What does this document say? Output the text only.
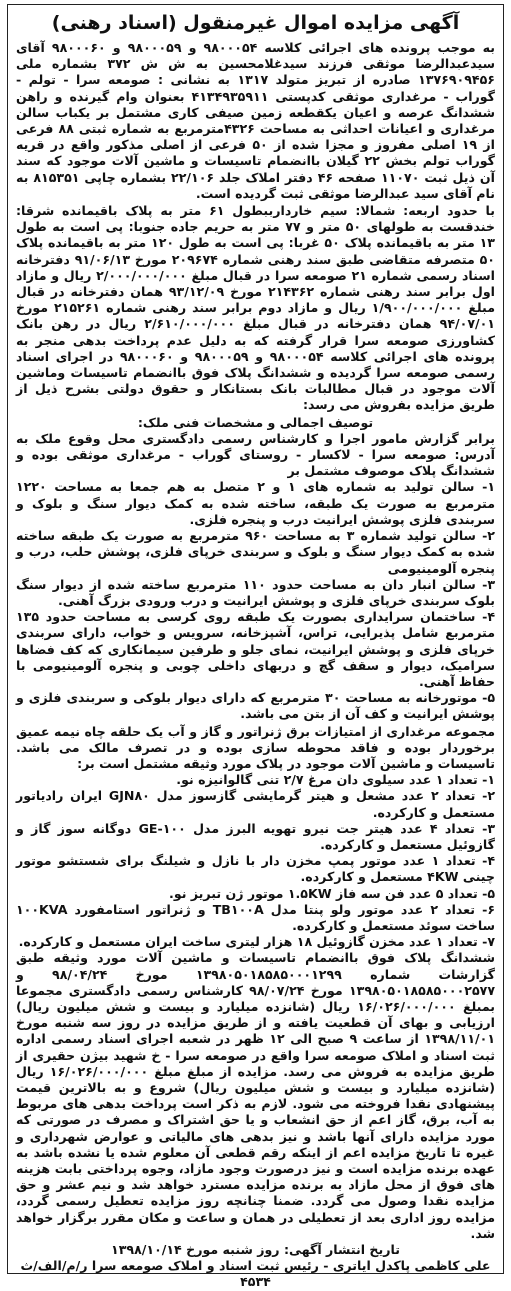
آگهی مزایده اموال غیرمنقول (اسناد رهنی)

به موجب پرونده های اجرائی کلاسه ۹۸۰۰۰۵۴ و ۹۸۰۰۰۵۹ و ۹۸۰۰۰۶۰ آقای سیدعبدالرضا موثقی فرزند سیدغلامحسین به ش ش ۳۷۲ بشماره ملی ۱۳۷۶۹۰۹۴۵۶ صادره از تبریز متولد ۱۳۱۷ به نشانی : صومعه سرا - تولم - گوراب - مرغداری موثقی کدپستی ۴۱۳۴۹۳۵۹۱۱ بعنوان وام گیرنده و راهن ششدانگ عرصه و اعیان یکقطعه زمین صیفی کاری مشتمل بر یکباب سالن مرغداری و اعیانات احداثی به مساحت ۴۳۲۶مترمربع به شماره ثبتی ۸۸ فرعی از ۱۹ اصلی مفروز و مجزا شده از ۵۰ فرعی از اصلی مذکور واقع در قریه گوراب تولم بخش ۲۲ گیلان باانضمام تاسیسات و ماشین آلات موجود که سند آن ذیل ثبت ۱۱۰۷۰ صفحه ۴۶ دفتر املاک جلد ۲۲/۱۰۶ بشماره چاپی ۸۱۵۳۵۱ به نام آقای سید عبدالرضا موثقی ثبت گردیده است.

با حدود اربعه: شمالا: سیم خاردارببطول ۶۱ متر به پلاک باقیمانده شرقا: خندقست به طولهای ۵۰ متر و ۷۷ متر به حریم جاده جنوبا: پی است به طول ۱۳ متر به باقیمانده پلاک ۵۰ غربا: پی است به طول ۱۲۰ متر به باقیمانده پلاک ۵۰ متصرفه متقاضی طبق سند رهنی شماره ۲۰۹۶۷۴ مورخ ۹۱/۰۶/۱۳ دفترخانه اسناد رسمی شماره ۲۱ صومعه سرا در قبال مبلغ ۲/۰۰۰/۰۰۰/۰۰۰ ریال و مازاد اول برابر سند رهنی شماره ۲۱۴۳۶۲ مورخ ۹۳/۱۲/۰۹ همان دفترخانه در قبال مبلغ ۱/۹۰۰/۰۰۰/۰۰۰ ریال و مازاد دوم برابر سند رهنی شماره ۲۱۵۲۶۱ مورخ ۹۴/۰۷/۰۱ همان دفترخانه در قبال مبلغ ۲/۶۱۰/۰۰۰/۰۰۰ ریال در رهن بانک کشاورزی صومعه سرا قرار گرفته که به دلیل عدم پرداخت بدهی منجر به پرونده های اجرائی کلاسه ۹۸۰۰۰۵۴ و ۹۸۰۰۰۵۹ و ۹۸۰۰۰۶۰ در اجرای اسناد رسمی صومعه سرا گردیده و ششدانگ پلاک فوق باانضمام تاسیسات وماشین آلات موجود در قبال مطالبات بانک بستانکار و حقوق دولتی بشرح ذیل از طریق مزایده بفروش می رسد:

توصیف اجمالی و مشخصات فنی ملک:

برابر گزارش مامور اجرا و کارشناس رسمی دادگستری محل وقوع ملک به آدرس: صومعه سرا - لاکسار - روستای گوراب - مرغداری موثقی بوده و ششدانگ پلاک موصوف مشتمل بر

۱- سالن تولید به شماره های ۱ و ۲ متصل به هم جمعا به مساحت ۱۲۲۰ مترمربع به صورت یک طبقه، ساخته شده به کمک دیوار سنگ و بلوک و سربندی فلزی پوشش ایرانیت درب و پنجره فلزی.

۲- سالن تولید شماره ۳ به مساحت ۹۶۰ مترمربع به صورت یک طبقه ساخته شده به کمک دیوار سنگ و بلوک و سربندی خرپای فلزی، پوشش حلب، درب و پنجره آلومینیومی

۳- سالن انبار دان به مساحت حدود ۱۱۰ مترمربع ساخته شده از دیوار سنگ بلوک سربندی خرپای فلزی و پوشش ایرانیت و درب ورودی بزرگ آهنی.

۴- ساختمان سرایداری بصورت یک طبقه روی کرسی به مساحت حدود ۱۳۵ مترمربع شامل پذیرایی، تراس، آشپزخانه، سرویس و خواب، دارای سربندی خرپای فلزی و پوشش ایرانیت، نمای جلو و طرفین سیمانکاری که کف فضاها سرامیک، دیوار و سقف گچ و دربهای داخلی چوبی و پنجره آلومینیومی با حفاظ آهنی.

۵- موتورخانه به مساحت ۳۰ مترمربع که دارای دیوار بلوکی و سربندی فلزی و پوشش ایرانیت و کف آن از بتن می باشد.

مجموعه مرغداری از امتیازات برق ژنراتور و گاز و آب یک حلقه چاه نیمه عمیق برخوردار بوده و فاقد محوطه سازی بوده و در تصرف مالک می باشد. تاسیسات و ماشین آلات موجود در پلاک مورد وثیقه مشتمل است بر:

۱- تعداد ۱ عدد سیلوی دان مرغ ۲/۷ تنی گالوانیزه نو.

۲- تعداد ۲ عدد مشعل و هیتر گرمایشی گازسوز مدل GJN۸۰ ایران رادیاتور مستعمل و کارکرده.

۳- تعداد ۴ عدد هیتر جت نیرو تهویه البرز مدل GE-۱۰۰ دوگانه سوز گاز و گازوئیل مستعمل و کارکرده.

۴- تعداد ۱ عدد موتور پمپ مخزن دار با نازل و شیلنگ برای شستشو موتور چینی ۴KW مستعمل و کارکرده.

۵- تعداد ۵ عدد فن سه فاز ۱.۵KW موتور ژن تبریز نو.

۶- تعداد ۲ عدد موتور ولو پنتا مدل TB۱۰۰A و ژنراتور استامفورد ۱۰۰KVA ساخت سوئد مستعمل و کارکرده.

۷- تعداد ۱ عدد مخزن گازوئیل ۱۸ هزار لیتری ساخت ایران مستعمل و کارکرده.

ششدانگ پلاک فوق باانضمام تاسیسات و ماشین آلات مورد وثیقه طبق گزارشات شماره ۱۳۹۸۰۵۰۱۸۵۸۵۰۰۰۱۲۹۹ مورخ ۹۸/۰۴/۲۴ و ۱۳۹۸۰۵۰۱۸۵۸۵۰۰۰۲۵۷۷ مورخ ۹۸/۰۷/۲۴ کارشناس رسمی دادگستری مجموعا بمبلغ ۱۶/۰۲۶/۰۰۰/۰۰۰ ریال (شانزده میلیارد و بیست و شش میلیون ریال) ارزیابی و بهای آن قطعیت یافته و از طریق مزایده در روز سه شنبه مورخ ۱۳۹۸/۱۱/۰۱ از ساعت ۹ صبح الی ۱۲ ظهر در شعبه اجرای اسناد رسمی اداره ثبت اسناد و املاک صومعه سرا واقع در صومعه سرا - خ شهید بیژن حقیری از طریق مزایده به فروش می رسد. مزایده از مبلغ مبلغ ۱۶/۰۲۶/۰۰۰/۰۰۰ ریال (شانزده میلیارد و بیست و شش میلیون ریال) شروع و به بالاترین قیمت پیشنهادی نقدا فروخته می شود. لازم به ذکر است پرداخت بدهی های مربوط به آب، برق، گاز اعم از حق انشعاب و یا حق اشتراک و مصرف در صورتی که مورد مزایده دارای آنها باشد و نیز بدهی های مالیاتی و عوارض شهرداری و غیره تا تاریخ مزایده اعم از اینکه رقم قطعی آن معلوم شده یا نشده باشد به عهده برنده مزایده است و نیز درصورت وجود مازاد، وجوه پرداختی بابت هزینه های فوق از محل مازاد به برنده مزایده مسترد خواهد شد و نیم عشر و حق مزایده نقدا وصول می گردد. ضمنا چنانچه روز مزایده تعطیل رسمی گردد، مزایده روز اداری بعد از تعطیلی در همان و ساعت و مکان مقرر برگزار خواهد شد.

تاریخ انتشار آگهی: روز شنبه مورخ ۱۳۹۸/۱۰/۱۴

علی کاظمی پاکدل ایاتری - رئیس ثبت اسناد و املاک صومعه سرا ر/م/الف/ث ۴۵۳۴
